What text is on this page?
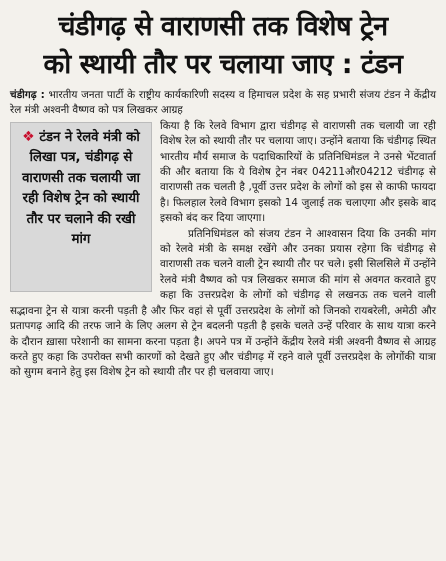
चंडीगढ़ से वाराणसी तक विशेष ट्रेन
को स्थायी तौर पर चलाया जाए : टंडन
चंडीगढ़ : भारतीय जनता पार्टी के राष्ट्रीय कार्यकारिणी सदस्य व हिमाचल प्रदेश के सह प्रभारी संजय टंडन ने केंद्रीय रेल मंत्री अश्वनी वैष्णव को पत्र लिखकर आग्रह
❖ टंडन ने रेलवे मंत्री को लिखा पत्र, चंडीगढ़ से वाराणसी तक चलायी जा रही विशेष ट्रेन को स्थायी तौर पर चलाने की रखी मांग

किया है कि रेलवे विभाग द्वारा चंडीगढ़ से वाराणसी तक चलायी जा रही विशेष रेल को स्थायी तौर पर चलाया जाए। उन्होंने बताया कि चंडीगढ़ स्थित भारतीय मौर्य समाज के पदाधिकारियों के प्रतिनिधिमंडल ने उनसे भेंटवार्ता की और बताया कि ये विशेष ट्रेन नंबर 04211और04212 चंडीगढ़ से वाराणसी तक चलती है ,पूर्वी उत्तर प्रदेश के लोगों को इस से काफी फायदा है। फिलहाल रेलवे विभाग इसको 14 जुलाई तक चलाएगा और इसके बाद इसको बंद कर दिया जाएगा।

प्रतिनिधिमंडल को संजय टंडन ने आश्वासन दिया कि उनकी मांग को रेलवे मंत्री के समक्ष रखेंगे और उनका प्रयास रहेगा कि चंडीगढ़ से वाराणसी तक चलने वाली ट्रेन स्थायी तौर पर चले। इसी सिलसिले में उन्होंने रेलवे मंत्री वैष्णव को पत्र लिखकर समाज की मांग से अवगत करवाते हुए कहा कि उत्तरप्रदेश के लोगों को चंडीगढ़ से लखनऊ तक चलने वाली सद्भावना ट्रेन से यात्रा करनी पड़ती है और फिर वहां से पूर्वी उत्तरप्रदेश के लोगों को जिनको रायबरेली, अमेठी और प्रतापगढ़ आदि की तरफ जाने के लिए अलग से ट्रेन बदलनी पड़ती है इसके चलते उन्हें परिवार के साथ यात्रा करने के दौरान ख़ासा परेशानी का सामना करना पड़ता है। अपने पत्र में उन्होंने केंद्रीय रेलवे मंत्री अश्वनी वैष्णव से आग्रह करते हुए कहा कि उपरोक्त सभी कारणों को देखते हुए और चंडीगढ़ में रहने वाले पूर्वी उत्तरप्रदेश के लोगोंकी यात्रा को सुगम बनाने हेतु इस विशेष ट्रेन को स्थायी तौर पर ही चलवाया जाए।
